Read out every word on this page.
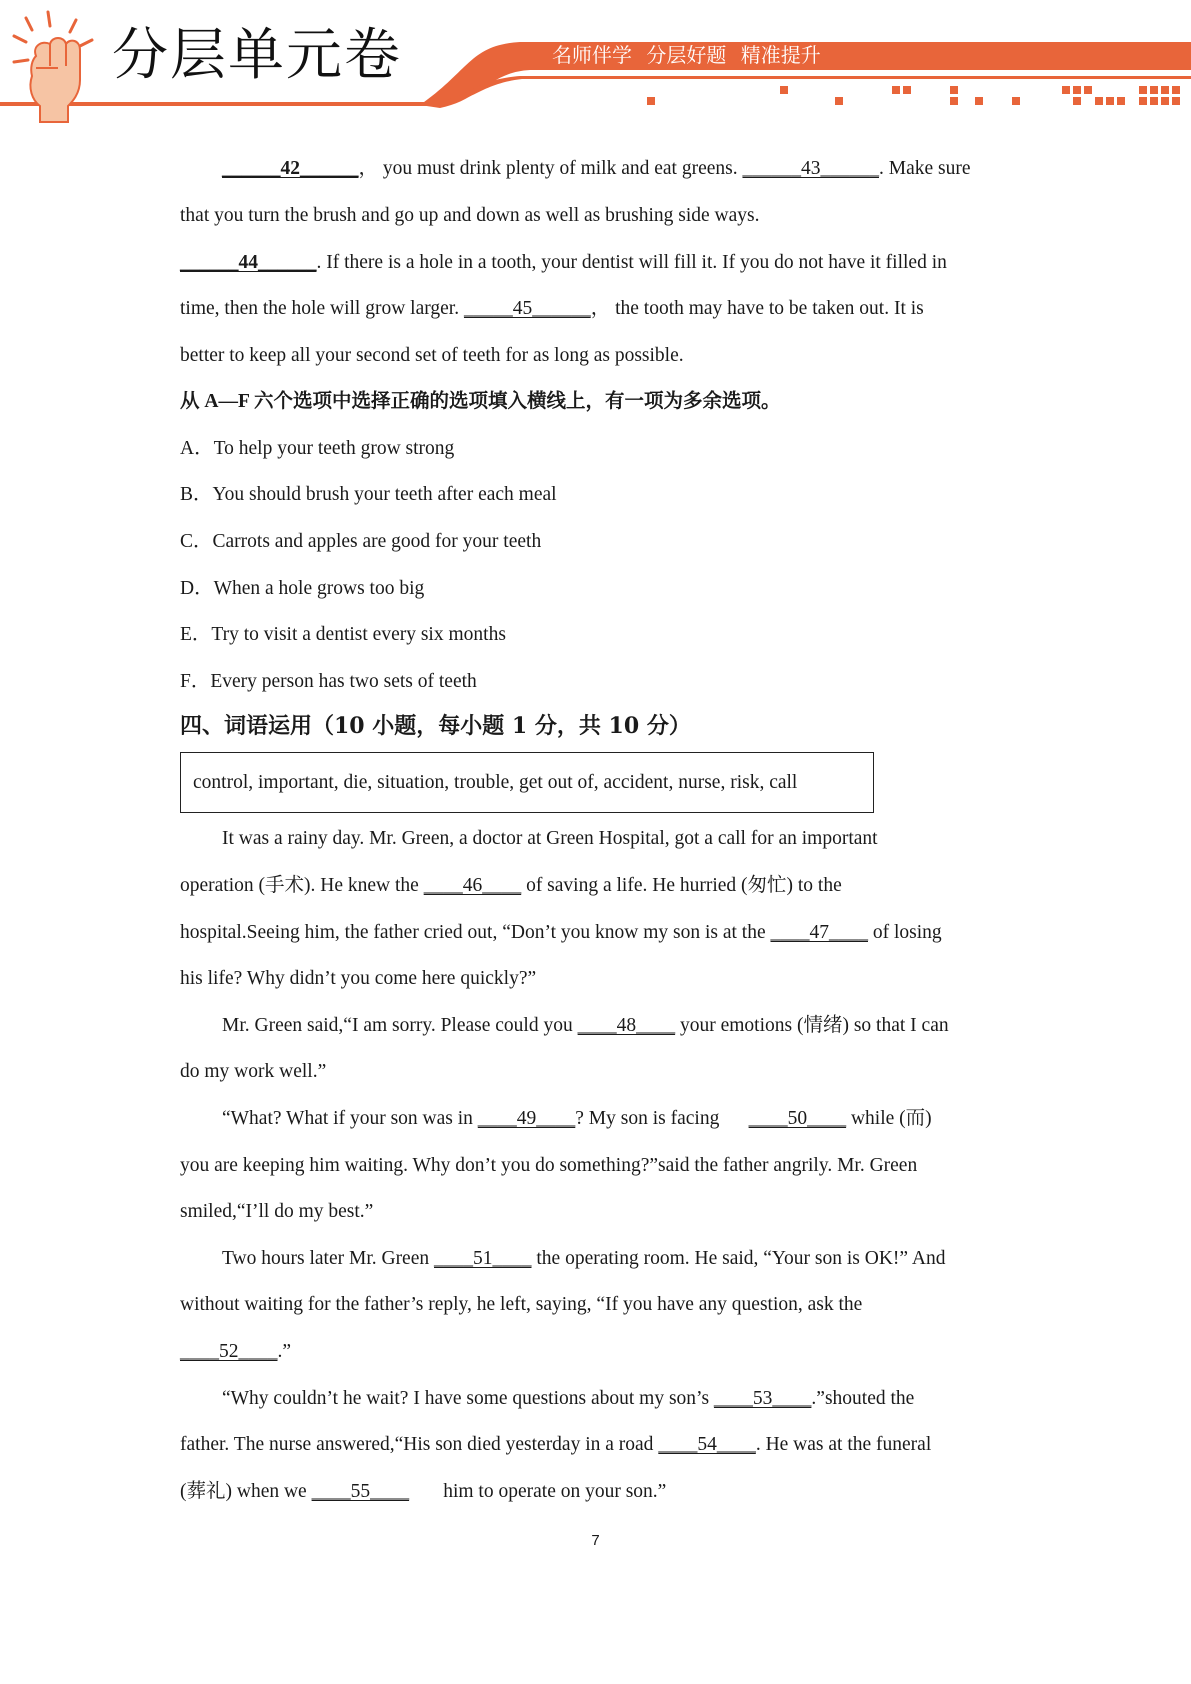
分层单元卷	名师伴学 分层好题 精准提升
______42______， you must drink plenty of milk and eat greens. ______43______. Make sure
that you turn the brush and go up and down as well as brushing side ways.
______44______. If there is a hole in a tooth, your dentist will fill it. If you do not have it filled in
time, then the hole will grow larger. _____45______， the tooth may have to be taken out. It is
better to keep all your second set of teeth for as long as possible.
从 A—F 六个选项中选择正确的选项填入横线上，有一项为多余选项。
A．To help your teeth grow strong
B．You should brush your teeth after each meal
C．Carrots and apples are good for your teeth
D．When a hole grows too big
E．Try to visit a dentist every six months
F．Every person has two sets of teeth
四、词语运用（10 小题，每小题 1 分，共 10 分）
control, important, die, situation, trouble, get out of, accident, nurse, risk, call
It was a rainy day. Mr. Green, a doctor at Green Hospital, got a call for an important
operation (手术). He knew the ____46____ of saving a life. He hurried (匆忙) to the
hospital.Seeing him, the father cried out, “Don’t you know my son is at the ____47____ of losing
his life? Why didn’t you come here quickly?”
Mr. Green said,“I am sorry. Please could you ____48____ your emotions (情绪) so that I can
do my work well.”
“What? What if your son was in ____49____? My son is facing      ____50____ while (而)
you are keeping him waiting. Why don’t you do something?”said the father angrily. Mr. Green
smiled,“I’ll do my best.”
Two hours later Mr. Green ____51____ the operating room. He said, “Your son is OK!” And
without waiting for the father’s reply, he left, saying, “If you have any question, ask the
____52____.”
“Why couldn’t he wait? I have some questions about my son’s ____53____.”shouted the
father. The nurse answered,“His son died yesterday in a road ____54____. He was at the funeral
(葬礼) when we ____55____       him to operate on your son.”
7
